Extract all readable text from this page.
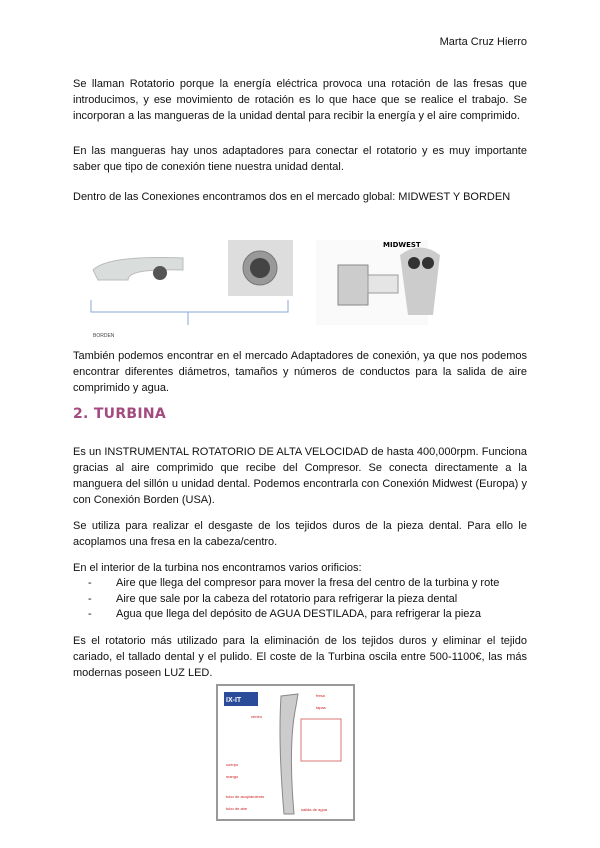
Marta Cruz Hierro

Se llaman Rotatorio porque la energía eléctrica provoca una rotación de las fresas que introducimos, y ese movimiento de rotación es lo que hace que se realice el trabajo. Se incorporan a las mangueras de la unidad dental para recibir la energía y el aire comprimido.

En las mangueras hay unos adaptadores para conectar el rotatorio y es muy importante saber que tipo de conexión tiene nuestra unidad dental.

Dentro de las Conexiones encontramos dos en el mercado global: MIDWEST Y BORDEN

MIDWEST
BORDEN

También podemos encontrar en el mercado Adaptadores de conexión, ya que nos podemos encontrar diferentes diámetros, tamaños y números de conductos para la salida de aire comprimido y agua.

2. TURBINA

Es un INSTRUMENTAL ROTATORIO DE ALTA VELOCIDAD de hasta 400,000rpm. Funciona gracias al aire comprimido que recibe del Compresor. Se conecta directamente a la manguera del sillón u unidad dental. Podemos encontrarla con Conexión Midwest (Europa) y con Conexión Borden (USA).

Se utiliza para realizar el desgaste de los tejidos duros de la pieza dental. Para ello le acoplamos una fresa en la cabeza/centro.

En el interior de la turbina nos encontramos varios orificios:

- Aire que llega del compresor para mover la fresa del centro de la turbina y rote
- Aire que sale por la cabeza del rotatorio para refrigerar la pieza dental
- Agua que llega del depósito de AGUA DESTILADA, para refrigerar la pieza

Es el rotatorio más utilizado para la eliminación de los tejidos duros y eliminar el tejido cariado, el tallado dental y el pulido. El coste de la Turbina oscila entre 500-1100€, las más modernas poseen LUZ LED.

IX-IT
fresa
tapas
centro
cuerpo
mango
tubo de acoplamiento
tubo de aire	salida de agua
